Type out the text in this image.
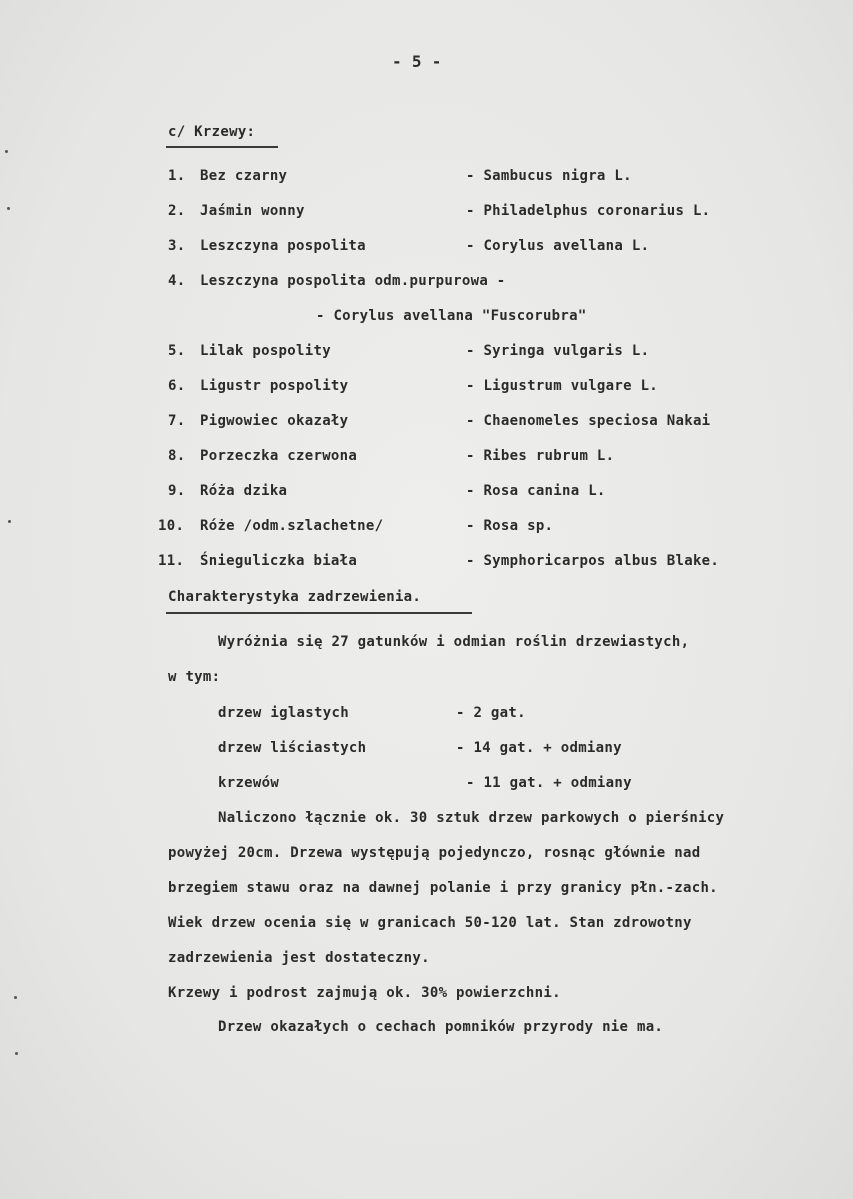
- 5 -
c/ Krzewy:
1. Bez czarny	- Sambucus nigra L.
2. Jaśmin wonny	- Philadelphus coronarius L.
3. Leszczyna pospolita	- Corylus avellana L.
4. Leszczyna pospolita odm.purpurowa -
- Corylus avellana "Fuscorubra"
5. Lilak pospolity	- Syringa vulgaris L.
6. Ligustr pospolity	- Ligustrum vulgare L.
7. Pigwowiec okazały	- Chaenomeles speciosa Nakai
8. Porzeczka czerwona	- Ribes rubrum L.
9. Róża dzika	- Rosa canina L.
10. Róże /odm.szlachetne/	- Rosa sp.
11. Śnieguliczka biała	- Symphoricarpos albus Blake.
Charakterystyka zadrzewienia.
Wyróżnia się 27 gatunków i odmian roślin drzewiastych,
w tym:
drzew iglastych	- 2 gat.
drzew liściastych	- 14 gat. + odmiany
krzewów	- 11 gat. + odmiany
Naliczono łącznie ok. 30 sztuk drzew parkowych o pierśnicy
powyżej 20cm. Drzewa występują pojedynczo, rosnąc głównie nad
brzegiem stawu oraz na dawnej polanie i przy granicy płn.-zach.
Wiek drzew ocenia się w granicach 50-120 lat. Stan zdrowotny
zadrzewienia jest dostateczny.
Krzewy i podrost zajmują ok. 30% powierzchni.
Drzew okazałych o cechach pomników przyrody nie ma.
